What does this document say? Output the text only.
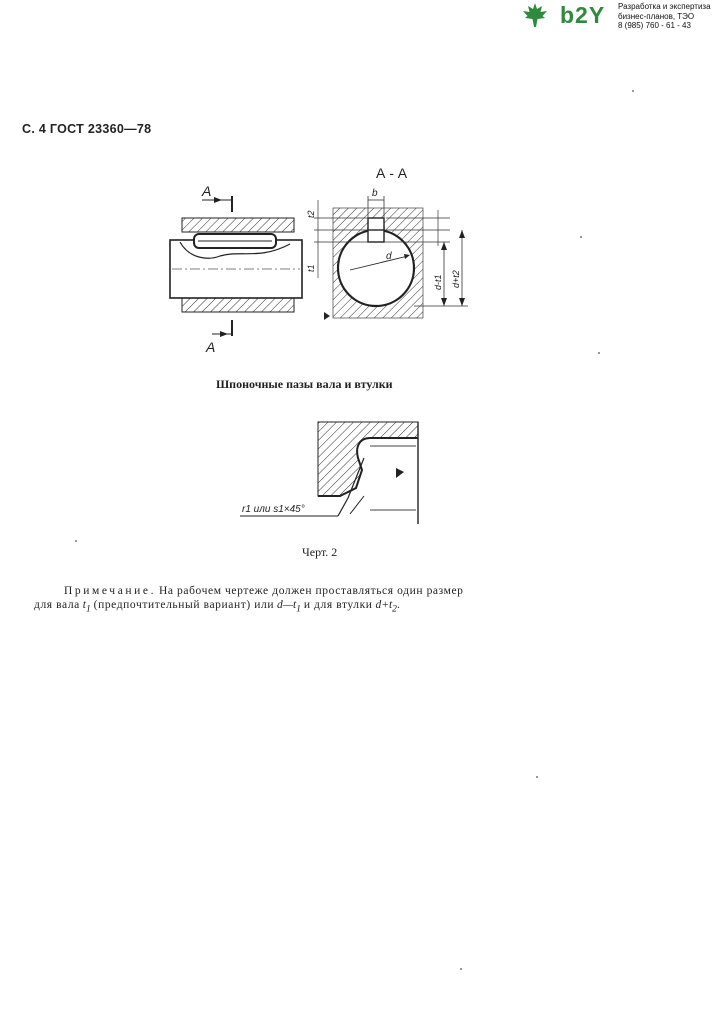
b2Y Разработка и экспертиза
бизнес-планов, ТЭО
8 (985) 760 - 61 - 43
С. 4 ГОСТ 23360—78
А
А
А - А
d
b
t2
t1
d-t1 d+t2
Шпоночные пазы вала и втулки
r1 или s1×45°
Черт. 2
Примечание. На рабочем чертеже должен проставляться один размер
для вала $t_1$ (предпочтительный вариант) или $d—t_1$ и для втулки $d+t_2$.
